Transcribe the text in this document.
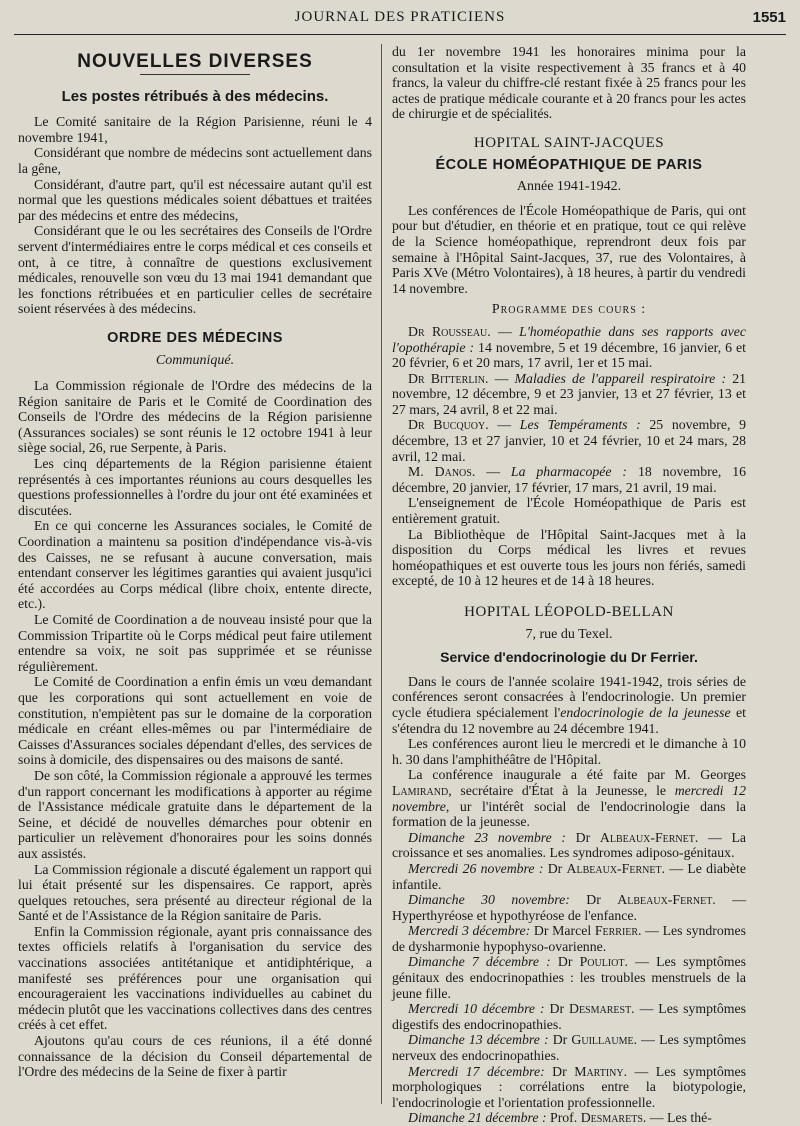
JOURNAL DES PRATICIENS	1551
NOUVELLES DIVERSES
Les postes rétribués à des médecins.

Le Comité sanitaire de la Région Parisienne, réuni le 4 novembre 1941,

Considérant que nombre de médecins sont actuellement dans la gêne,

Considérant, d'autre part, qu'il est nécessaire autant qu'il est normal que les questions médicales soient débattues et traitées par des médecins et entre des médecins,

Considérant que le ou les secrétaires des Conseils de l'Ordre servent d'intermédiaires entre le corps médical et ces conseils et ont, à ce titre, à connaître de questions exclusivement médicales, renouvelle son vœu du 13 mai 1941 demandant que les fonctions rétribuées et en particulier celles de secrétaire soient réservées à des médecins.

ORDRE DES MÉDECINS
Communiqué.

La Commission régionale de l'Ordre des médecins de la Région sanitaire de Paris et le Comité de Coordination des Conseils de l'Ordre des médecins de la Région parisienne (Assurances sociales) se sont réunis le 12 octobre 1941 à leur siège social, 26, rue Serpente, à Paris.

Les cinq départements de la Région parisienne étaient représentés à ces importantes réunions au cours desquelles les questions professionnelles à l'ordre du jour ont été examinées et discutées.

En ce qui concerne les Assurances sociales, le Comité de Coordination a maintenu sa position d'indépendance vis-à-vis des Caisses, ne se refusant à aucune conversation, mais entendant conserver les légitimes garanties qui avaient jusqu'ici été accordées au Corps médical (libre choix, entente directe, etc.).

Le Comité de Coordination a de nouveau insisté pour que la Commission Tripartite où le Corps médical peut faire utilement entendre sa voix, ne soit pas supprimée et se réunisse régulièrement.

Le Comité de Coordination a enfin émis un vœu demandant que les corporations qui sont actuellement en voie de constitution, n'empiètent pas sur le domaine de la corporation médicale en créant elles-mêmes ou par l'intermédiaire de Caisses d'Assurances sociales dépendant d'elles, des services de soins à domicile, des dispensaires ou des maisons de santé.

De son côté, la Commission régionale a approuvé les termes d'un rapport concernant les modifications à apporter au régime de l'Assistance médicale gratuite dans le département de la Seine, et décidé de nouvelles démarches pour obtenir en particulier un relèvement d'honoraires pour les soins donnés aux assistés.

La Commission régionale a discuté également un rapport qui lui était présenté sur les dispensaires. Ce rapport, après quelques retouches, sera présenté au directeur régional de la Santé et de l'Assistance de la Région sanitaire de Paris.

Enfin la Commission régionale, ayant pris connaissance des textes officiels relatifs à l'organisation du service des vaccinations associées antitétanique et antidiphtérique, a manifesté ses préférences pour une organisation qui encourageraient les vaccinations individuelles au cabinet du médecin plutôt que les vaccinations collectives dans des centres créés à cet effet.

Ajoutons qu'au cours de ces réunions, il a été donné connaissance de la décision du Conseil départemental de l'Ordre des médecins de la Seine de fixer à partir

du 1er novembre 1941 les honoraires minima pour la consultation et la visite respectivement à 35 francs et à 40 francs, la valeur du chiffre-clé restant fixée à 25 francs pour les actes de pratique médicale courante et à 20 francs pour les actes de chirurgie et de spécialités.

HOPITAL SAINT-JACQUES
ÉCOLE HOMÉOPATHIQUE DE PARIS
Année 1941-1942.

Les conférences de l'École Homéopathique de Paris, qui ont pour but d'étudier, en théorie et en pratique, tout ce qui relève de la Science homéopathique, reprendront deux fois par semaine à l'Hôpital Saint-Jacques, 37, rue des Volontaires, à Paris XVe (Métro Volontaires), à 18 heures, à partir du vendredi 14 novembre.

Programme des cours :

Dr Rousseau. — L'homéopathie dans ses rapports avec l'opothérapie : 14 novembre, 5 et 19 décembre, 16 janvier, 6 et 20 février, 6 et 20 mars, 17 avril, 1er et 15 mai.

Dr Bitterlin. — Maladies de l'appareil respiratoire : 21 novembre, 12 décembre, 9 et 23 janvier, 13 et 27 février, 13 et 27 mars, 24 avril, 8 et 22 mai.

Dr Bucquoy. — Les Tempéraments : 25 novembre, 9 décembre, 13 et 27 janvier, 10 et 24 février, 10 et 24 mars, 28 avril, 12 mai.

M. Danos. — La pharmacopée : 18 novembre, 16 décembre, 20 janvier, 17 février, 17 mars, 21 avril, 19 mai.

L'enseignement de l'École Homéopathique de Paris est entièrement gratuit.

La Bibliothèque de l'Hôpital Saint-Jacques met à la disposition du Corps médical les livres et revues homéopathiques et est ouverte tous les jours non fériés, samedi excepté, de 10 à 12 heures et de 14 à 18 heures.

HOPITAL LÉOPOLD-BELLAN
7, rue du Texel.
Service d'endocrinologie du Dr Ferrier.

Dans le cours de l'année scolaire 1941-1942, trois séries de conférences seront consacrées à l'endocrinologie. Un premier cycle étudiera spécialement l'endocrinologie de la jeunesse et s'étendra du 12 novembre au 24 décembre 1941.

Les conférences auront lieu le mercredi et le dimanche à 10 h. 30 dans l'amphithéâtre de l'Hôpital.

La conférence inaugurale a été faite par M. Georges Lamirand, secrétaire d'État à la Jeunesse, le mercredi 12 novembre, ur l'intérêt social de l'endocrinologie dans la formation de la jeunesse.

Dimanche 23 novembre : Dr Albeaux-Fernet. — La croissance et ses anomalies. Les syndromes adiposo-génitaux.

Mercredi 26 novembre : Dr Albeaux-Fernet. — Le diabète infantile.

Dimanche 30 novembre: Dr Albeaux-Fernet. — Hyperthyréose et hypothyréose de l'enfance.

Mercredi 3 décembre: Dr Marcel Ferrier. — Les syndromes de dysharmonie hypophyso-ovarienne.

Dimanche 7 décembre : Dr Pouliot. — Les symptômes génitaux des endocrinopathies : les troubles menstruels de la jeune fille.

Mercredi 10 décembre : Dr Desmarest. — Les symptômes digestifs des endocrinopathies.

Dimanche 13 décembre : Dr Guillaume. — Les symptômes nerveux des endocrinopathies.

Mercredi 17 décembre: Dr Martiny. — Les symptômes morphologiques : corrélations entre la biotypologie, l'endocrinologie et l'orientation professionnelle.

Dimanche 21 décembre : Prof. Desmarets. — Les thé-
